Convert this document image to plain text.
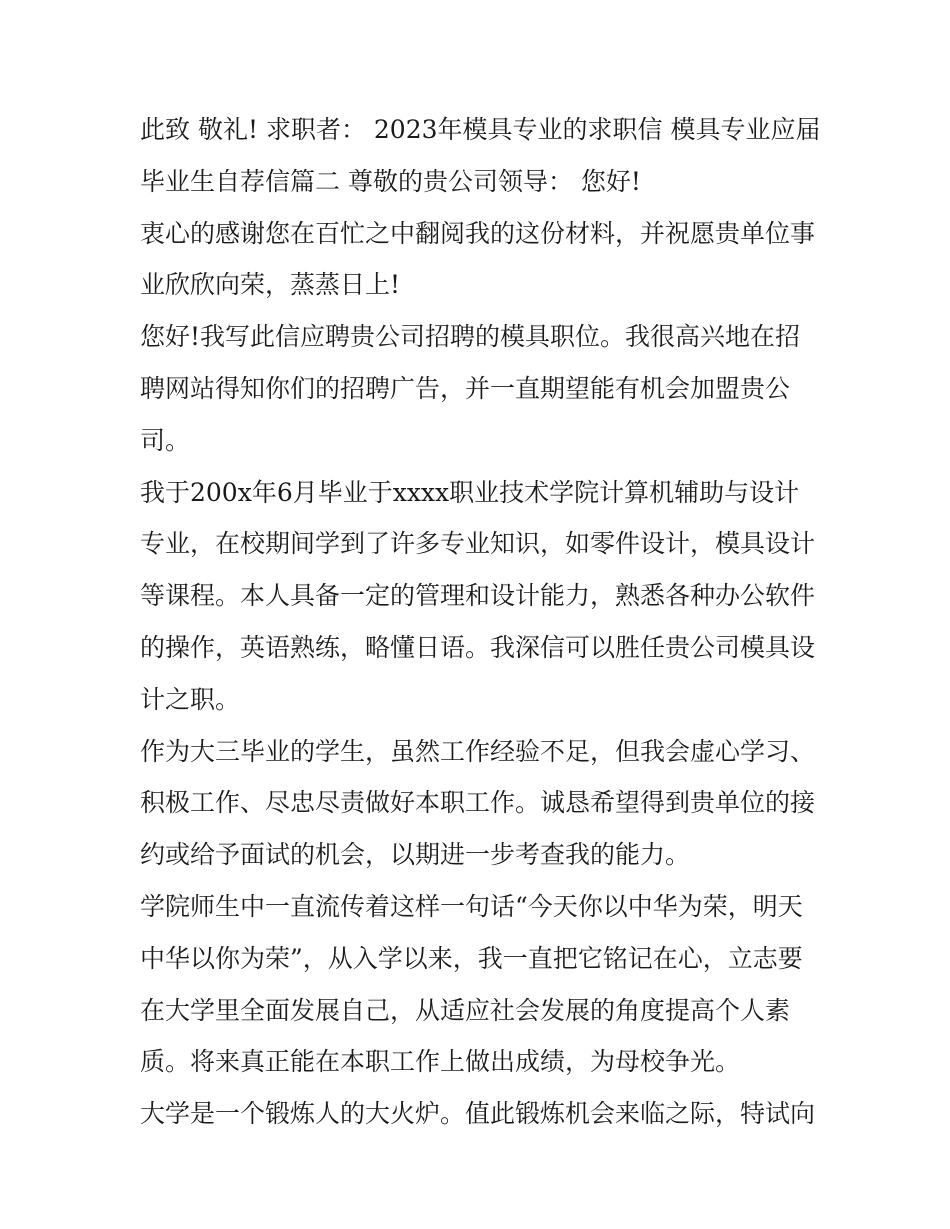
此致 敬礼! 求职者： 2023年模具专业的求职信 模具专业应届
毕业生自荐信篇二 尊敬的贵公司领导： 您好!
衷心的感谢您在百忙之中翻阅我的这份材料，并祝愿贵单位事
业欣欣向荣，蒸蒸日上!
您好!我写此信应聘贵公司招聘的模具职位。我很高兴地在招
聘网站得知你们的招聘广告，并一直期望能有机会加盟贵公
司。
我于200x年6月毕业于xxxx职业技术学院计算机辅助与设计
专业，在校期间学到了许多专业知识，如零件设计，模具设计
等课程。本人具备一定的管理和设计能力，熟悉各种办公软件
的操作，英语熟练，略懂日语。我深信可以胜任贵公司模具设
计之职。
作为大三毕业的学生，虽然工作经验不足，但我会虚心学习、
积极工作、尽忠尽责做好本职工作。诚恳希望得到贵单位的接
约或给予面试的机会，以期进一步考查我的能力。
学院师生中一直流传着这样一句话“今天你以中华为荣，明天
中华以你为荣”，从入学以来，我一直把它铭记在心，立志要
在大学里全面发展自己，从适应社会发展的角度提高个人素
质。将来真正能在本职工作上做出成绩，为母校争光。
大学是一个锻炼人的大火炉。值此锻炼机会来临之际，特试向
